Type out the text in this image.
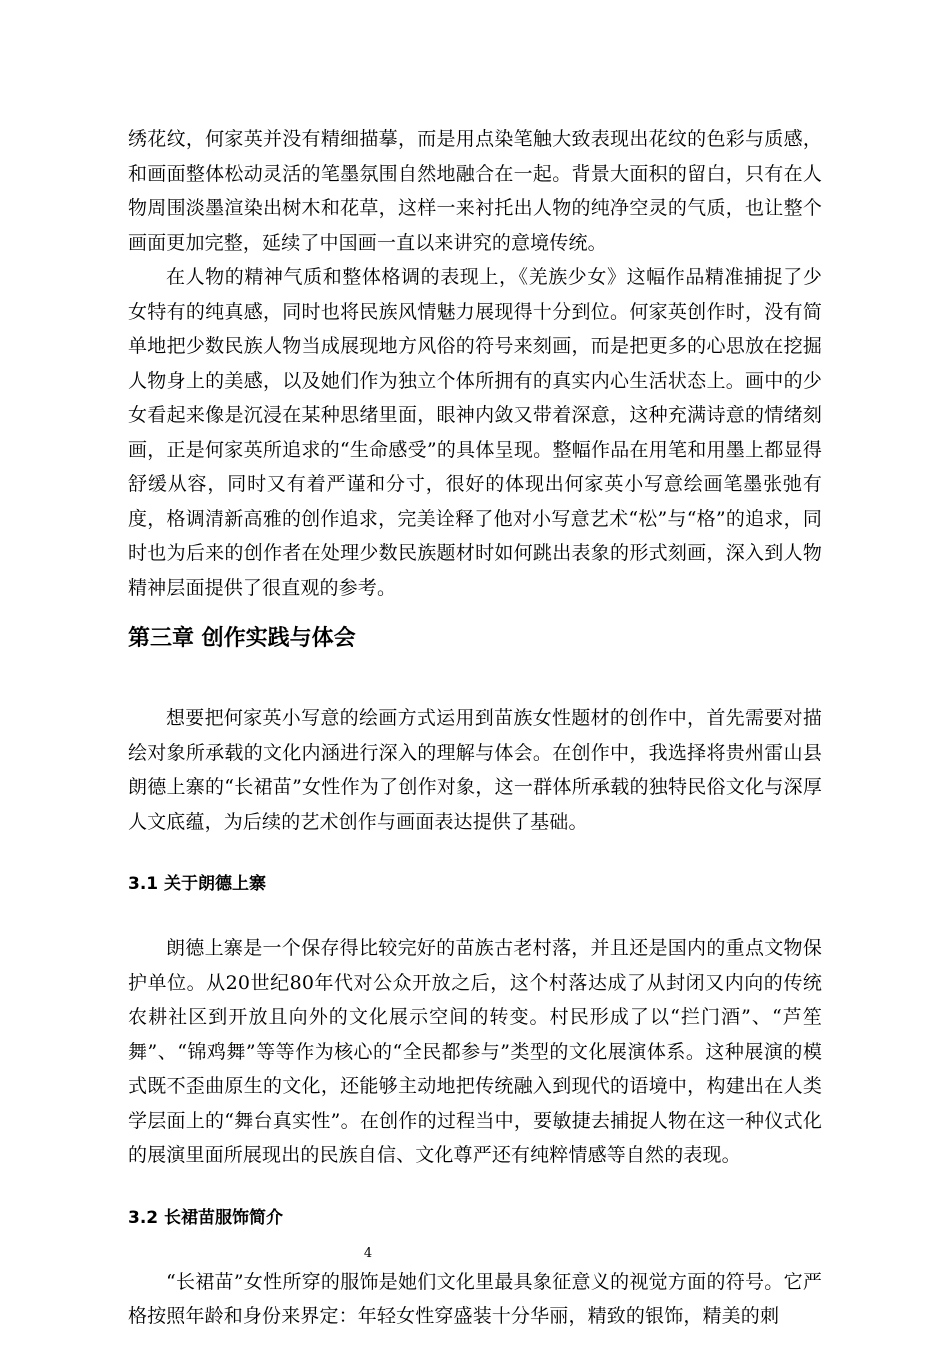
绣花纹，何家英并没有精细描摹，而是用点染笔触大致表现出花纹的色彩与质感，和画面整体松动灵活的笔墨氛围自然地融合在一起。背景大面积的留白，只有在人物周围淡墨渲染出树木和花草，这样一来衬托出人物的纯净空灵的气质，也让整个画面更加完整，延续了中国画一直以来讲究的意境传统。

在人物的精神气质和整体格调的表现上，《羌族少女》这幅作品精准捕捉了少女特有的纯真感，同时也将民族风情魅力展现得十分到位。何家英创作时，没有简单地把少数民族人物当成展现地方风俗的符号来刻画，而是把更多的心思放在挖掘人物身上的美感，以及她们作为独立个体所拥有的真实内心生活状态上。画中的少女看起来像是沉浸在某种思绪里面，眼神内敛又带着深意，这种充满诗意的情绪刻画，正是何家英所追求的“生命感受”的具体呈现。整幅作品在用笔和用墨上都显得舒缓从容，同时又有着严谨和分寸，很好的体现出何家英小写意绘画笔墨张弛有度，格调清新高雅的创作追求，完美诠释了他对小写意艺术“松”与“格”的追求，同时也为后来的创作者在处理少数民族题材时如何跳出表象的形式刻画，深入到人物精神层面提供了很直观的参考。

第三章 创作实践与体会

想要把何家英小写意的绘画方式运用到苗族女性题材的创作中，首先需要对描绘对象所承载的文化内涵进行深入的理解与体会。在创作中，我选择将贵州雷山县朗德上寨的“长裙苗”女性作为了创作对象，这一群体所承载的独特民俗文化与深厚人文底蕴，为后续的艺术创作与画面表达提供了基础。

3.1 关于朗德上寨

朗德上寨是一个保存得比较完好的苗族古老村落，并且还是国内的重点文物保护单位。从20世纪80年代对公众开放之后，这个村落达成了从封闭又内向的传统农耕社区到开放且向外的文化展示空间的转变。村民形成了以“拦门酒”、“芦笙舞”、“锦鸡舞”等等作为核心的“全民都参与”类型的文化展演体系。这种展演的模式既不歪曲原生的文化，还能够主动地把传统融入到现代的语境中，构建出在人类学层面上的“舞台真实性”。在创作的过程当中，要敏捷去捕捉人物在这一种仪式化的展演里面所展现出的民族自信、文化尊严还有纯粹情感等自然的表现。

3.2 长裙苗服饰简介

“长裙苗”女性所穿的服饰是她们文化里最具象征意义的视觉方面的符号。它严格按照年龄和身份来界定：年轻女性穿盛装十分华丽，精致的银饰，精美的刺

4
